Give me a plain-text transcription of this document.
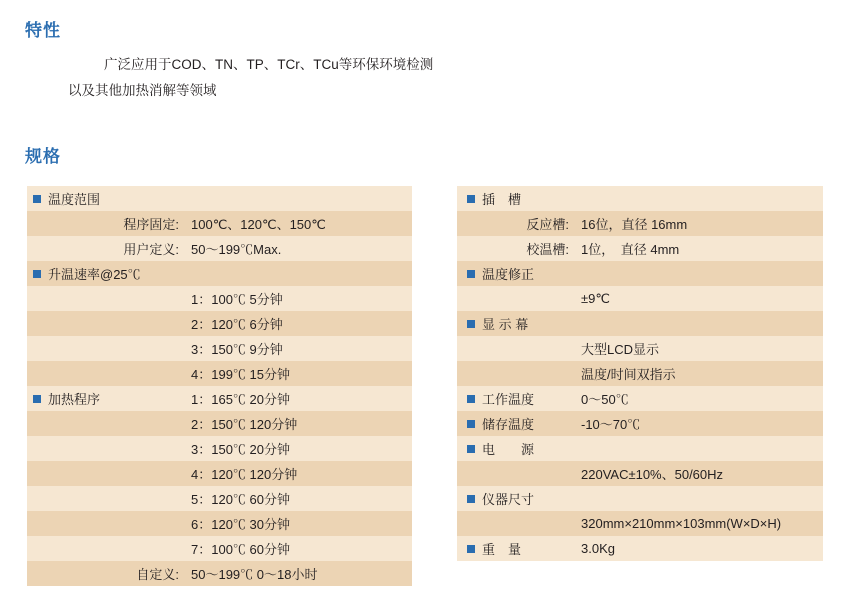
特性
广泛应用于COD、TN、TP、TCr、TCu等环保环境检测
以及其他加热消解等领域
规格
温度范围	
程序固定:	100℃、120℃、150℃
用户定义:	50～199℃Max.
升温速率@25℃	
	1：100℃ 5分钟
	2：120℃ 6分钟
	3：150℃ 9分钟
	4：199℃ 15分钟
加热程序	1：165℃ 20分钟
	2：150℃ 120分钟
	3：150℃ 20分钟
	4：120℃ 120分钟
	5：120℃ 60分钟
	6：120℃ 30分钟
	7：100℃ 60分钟
自定义:	50～199℃ 0～18小时
插　槽	
反应槽:	16位，直径 16mm
校温槽:	1位，　直径 4mm
温度修正	
	±9℃
显 示 幕	
	大型LCD显示
	温度/时间双指示
工作温度	0～50℃
储存温度	-10～70℃
电　　源	
	220VAC±10%、50/60Hz
仪器尺寸	
	320mm×210mm×103mm(W×D×H)
重　量	3.0Kg
